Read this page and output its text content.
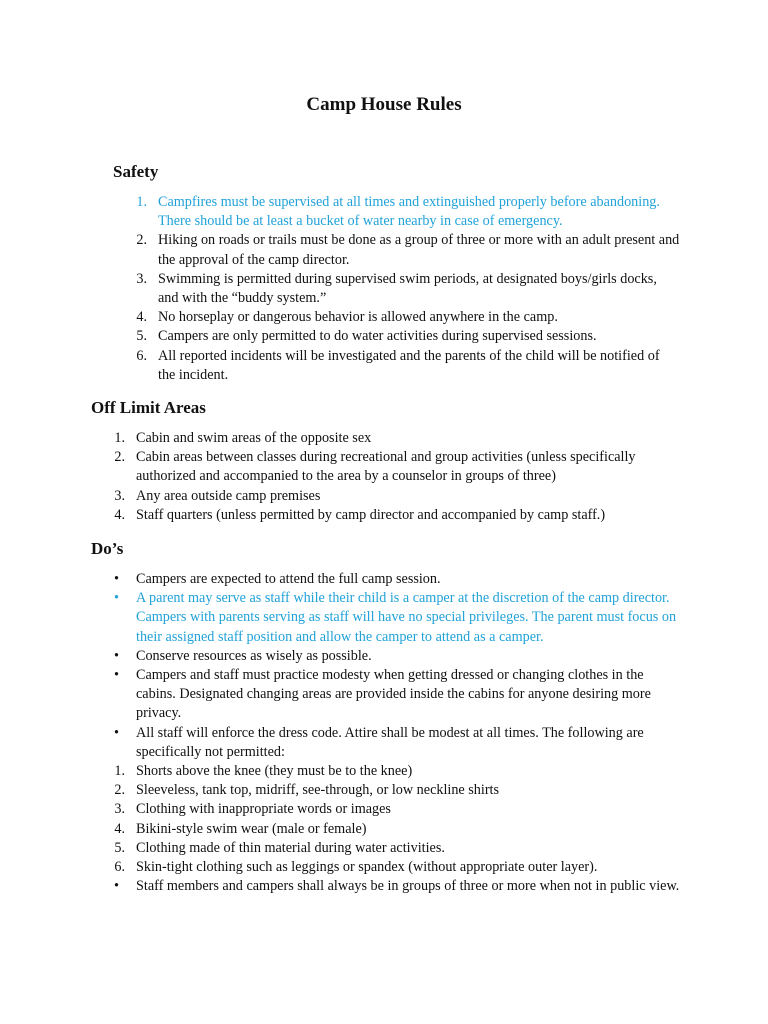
Camp House Rules
Safety
1. Campfires must be supervised at all times and extinguished properly before abandoning. There should be at least a bucket of water nearby in case of emergency.
2. Hiking on roads or trails must be done as a group of three or more with an adult present and the approval of the camp director.
3. Swimming is permitted during supervised swim periods, at designated boys/girls docks, and with the “buddy system.”
4. No horseplay or dangerous behavior is allowed anywhere in the camp.
5. Campers are only permitted to do water activities during supervised sessions.
6. All reported incidents will be investigated and the parents of the child will be notified of the incident.
Off Limit Areas
1. Cabin and swim areas of the opposite sex
2. Cabin areas between classes during recreational and group activities (unless specifically authorized and accompanied to the area by a counselor in groups of three)
3. Any area outside camp premises
4. Staff quarters (unless permitted by camp director and accompanied by camp staff.)
Do’s
•	Campers are expected to attend the full camp session.
•	A parent may serve as staff while their child is a camper at the discretion of the camp director. Campers with parents serving as staff will have no special privileges. The parent must focus on their assigned staff position and allow the camper to attend as a camper.
•	Conserve resources as wisely as possible.
•	Campers and staff must practice modesty when getting dressed or changing clothes in the cabins. Designated changing areas are provided inside the cabins for anyone desiring more privacy.
•	All staff will enforce the dress code. Attire shall be modest at all times. The following are specifically not permitted:
1. Shorts above the knee (they must be to the knee)
2. Sleeveless, tank top, midriff, see-through, or low neckline shirts
3. Clothing with inappropriate words or images
4. Bikini-style swim wear (male or female)
5. Clothing made of thin material during water activities.
6. Skin-tight clothing such as leggings or spandex (without appropriate outer layer).
•	Staff members and campers shall always be in groups of three or more when not in public view.
